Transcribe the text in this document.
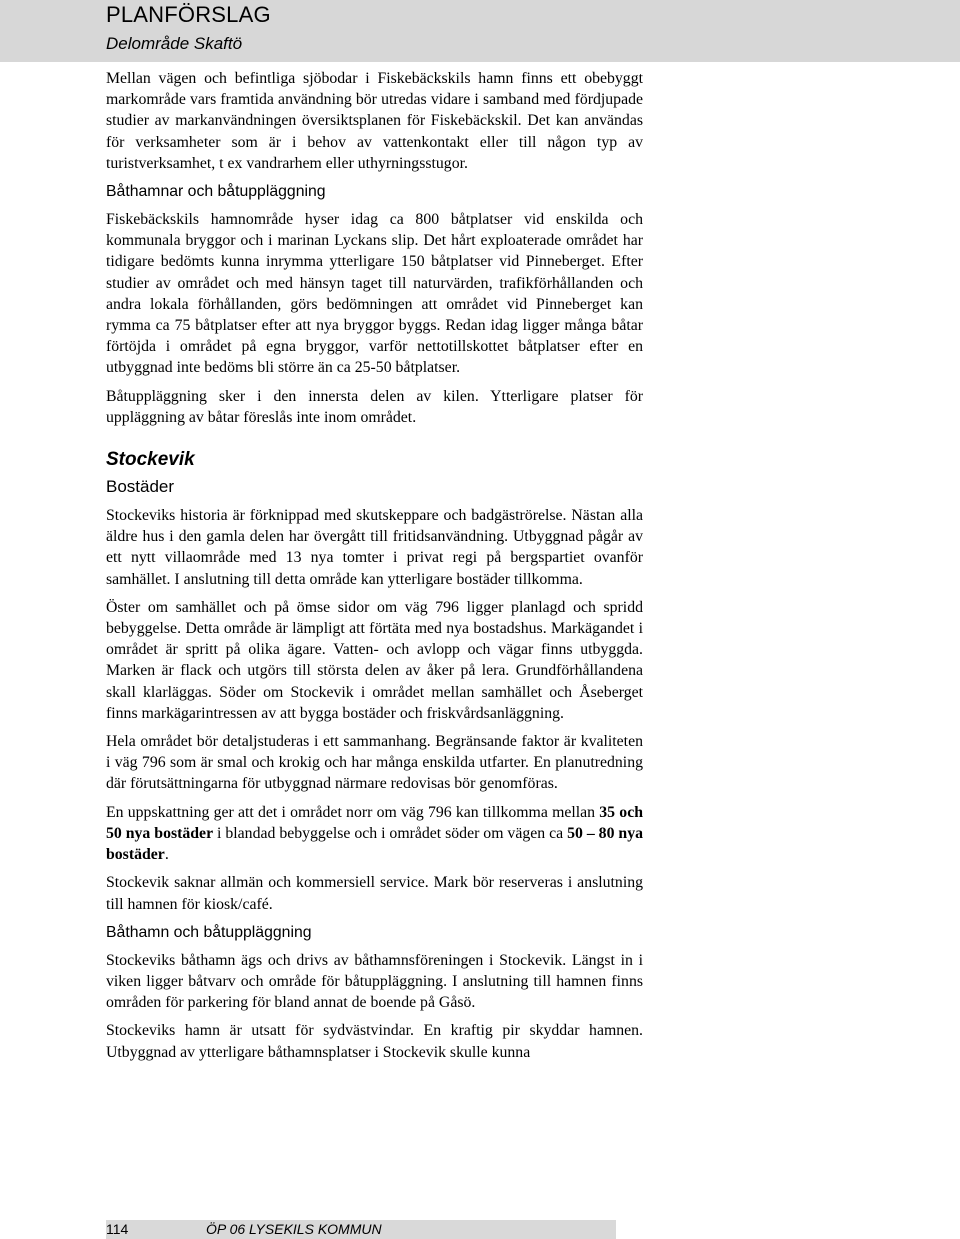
PLANFÖRSLAG
Delområde Skaftö

Mellan vägen och befintliga sjöbodar i Fiskebäckskils hamn finns ett obebyggt markområde vars framtida användning bör utredas vidare i samband med fördjupade studier av markanvändningen översiktsplanen för Fiskebäckskil. Det kan användas för verksamheter som är i behov av vattenkontakt eller till någon typ av turistverksamhet, t ex vandrarhem eller uthyrningsstugor.

Båthamnar och båtuppläggning

Fiskebäckskils hamnområde hyser idag ca 800 båtplatser vid enskilda och kommunala bryggor och i marinan Lyckans slip. Det hårt exploaterade området har tidigare bedömts kunna inrymma ytterligare 150 båtplatser vid Pinneberget. Efter studier av området och med hänsyn taget till naturvärden, trafikförhållanden och andra lokala förhållanden, görs bedömningen att området vid Pinneberget kan rymma ca 75 båtplatser efter att nya bryggor byggs. Redan idag ligger många båtar förtöjda i området på egna bryggor, varför nettotillskottet båtplatser efter en utbyggnad inte bedöms bli större än ca 25-50 båtplatser.

Båtuppläggning sker i den innersta delen av kilen. Ytterligare platser för uppläggning av båtar föreslås inte inom området.

Stockevik
Bostäder

Stockeviks historia är förknippad med skutskeppare och badgäströrelse. Nästan alla äldre hus i den gamla delen har övergått till fritidsanvändning. Utbyggnad pågår av ett nytt villaområde med 13 nya tomter i privat regi på bergspartiet ovanför samhället. I anslutning till detta område kan ytterligare bostäder tillkomma.

Öster om samhället och på ömse sidor om väg 796 ligger planlagd och spridd bebyggelse. Detta område är lämpligt att förtäta med nya bostadshus. Markägandet i området är spritt på olika ägare. Vatten- och avlopp och vägar finns utbyggda. Marken är flack och utgörs till största delen av åker på lera. Grundförhållandena skall klarläggas. Söder om Stockevik i området mellan samhället och Åseberget finns markägarintressen av att bygga bostäder och friskvårdsanläggning.

Hela området bör detaljstuderas i ett sammanhang. Begränsande faktor är kvaliteten i väg 796 som är smal och krokig och har många enskilda utfarter. En planutredning där förutsättningarna för utbyggnad närmare redovisas bör genomföras.

En uppskattning ger att det i området norr om väg 796 kan tillkomma mellan 35 och 50 nya bostäder i blandad bebyggelse och i området söder om vägen ca 50 – 80 nya bostäder.

Stockevik saknar allmän och kommersiell service. Mark bör reserveras i anslutning till hamnen för kiosk/café.

Båthamn och båtuppläggning

Stockeviks båthamn ägs och drivs av båthamnsföreningen i Stockevik. Längst in i viken ligger båtvarv och område för båtuppläggning. I anslutning till hamnen finns områden för parkering för bland annat de boende på Gåsö.

Stockeviks hamn är utsatt för sydvästvindar. En kraftig pir skyddar hamnen. Utbyggnad av ytterligare båthamnsplatser i Stockevik skulle kunna

114	ÖP 06 LYSEKILS KOMMUN
